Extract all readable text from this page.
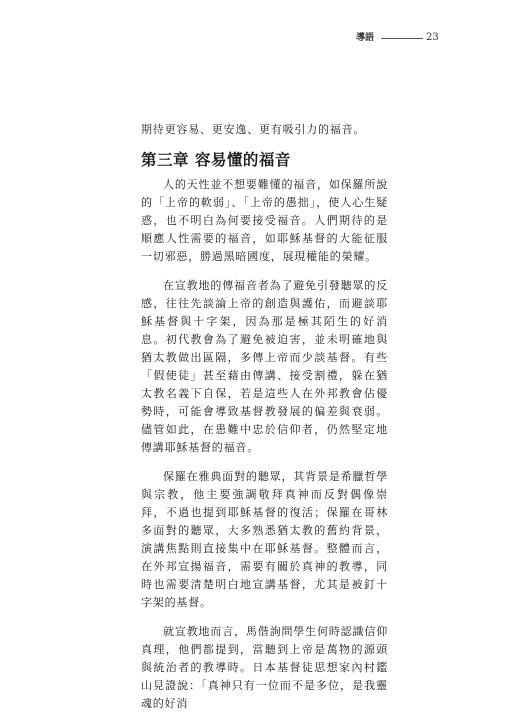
導語	23

期待更容易、更安逸、更有吸引力的福音。

第三章 容易懂的福音

人的天性並不想要難懂的福音，如保羅所說的「上帝的軟弱」、「上帝的愚拙」，使人心生疑惑，也不明白為何要接受福音。人們期待的是順應人性需要的福音，如耶穌基督的大能征服一切邪惡，勝過黑暗國度，展現權能的榮耀。

在宣教地的傳福音者為了避免引發聽眾的反感，往往先談論上帝的創造與護佑，而避談耶穌基督與十字架，因為那是極其陌生的好消息。初代教會為了避免被迫害，並未明確地與猶太教做出區隔，多傳上帝而少談基督。有些「假使徒」甚至藉由傳講、接受割禮，躲在猶太教名義下自保，若是這些人在外邦教會佔優勢時，可能會導致基督教發展的偏差與衰弱。儘管如此，在患難中忠於信仰者，仍然堅定地傳講耶穌基督的福音。

保羅在雅典面對的聽眾，其背景是希臘哲學與宗教，他主要強調敬拜真神而反對偶像崇拜，不過也提到耶穌基督的復活；保羅在哥林多面對的聽眾，大多熟悉猶太教的舊約背景，演講焦點則直接集中在耶穌基督。整體而言，在外邦宣揚福音，需要有關於真神的教導，同時也需要清楚明白地宣講基督，尤其是被釘十字架的基督。

就宣教地而言，馬偕詢問學生何時認識信仰真理，他們都提到，當聽到上帝是萬物的源頭與統治者的教導時。日本基督徒思想家內村鑑山見證說：「真神只有一位而不是多位，是我靈魂的好消
